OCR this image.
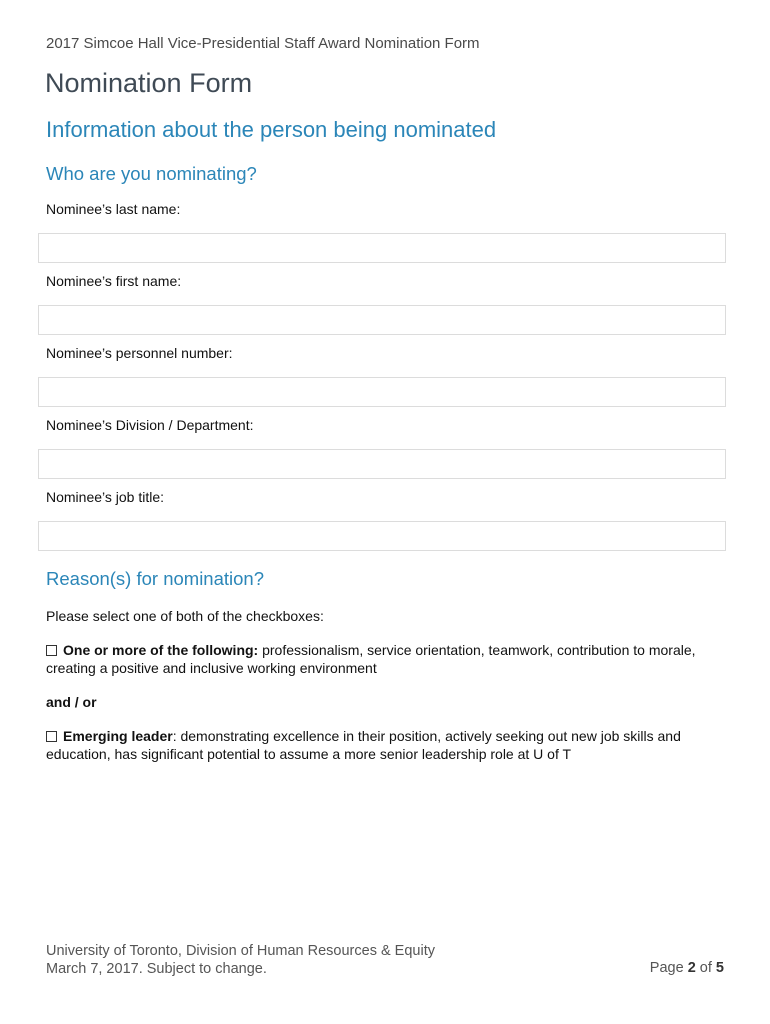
2017 Simcoe Hall Vice-Presidential Staff Award Nomination Form
Nomination Form
Information about the person being nominated
Who are you nominating?
Nominee’s last name:
Nominee’s first name:
Nominee’s personnel number:
Nominee’s Division / Department:
Nominee’s job title:
Reason(s) for nomination?
Please select one of both of the checkboxes:
One or more of the following: professionalism, service orientation, teamwork, contribution to morale, creating a positive and inclusive working environment
and / or
Emerging leader: demonstrating excellence in their position, actively seeking out new job skills and education, has significant potential to assume a more senior leadership role at U of T
University of Toronto, Division of Human Resources & Equity
March 7, 2017. Subject to change.	Page 2 of 5
